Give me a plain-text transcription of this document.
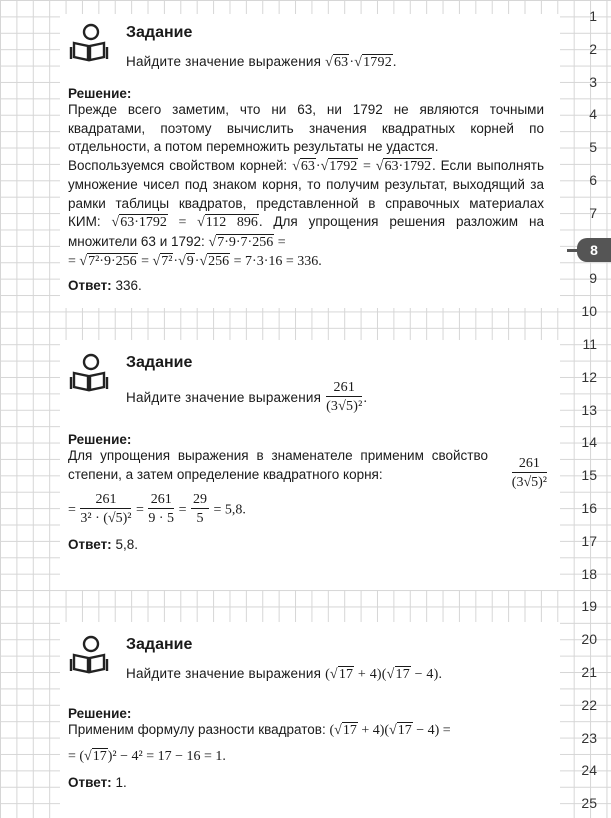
Задание
Найдите значение выражения √63·√1792.
Решение:
Прежде всего заметим, что ни 63, ни 1792 не являются точными квадратами, поэтому вычислить значения квадратных корней по отдельности, а потом перемножить результаты не удастся.
Воспользуемся свойством корней: √63·√1792 = √63·1792. Если выполнять умножение чисел под знаком корня, то получим результат, выходящий за рамки таблицы квадратов, представленной в справочных материалах КИМ: √63·1792 = √112 896. Для упрощения решения разложим на множители 63 и 1792: √7·9·7·256 =
= √7²·9·256 = √7²·√9·√256 = 7·3·16 = 336.
Ответ: 336.
Задание
Найдите значение выражения $\frac{261}{\text{(3√5)²}}$ .
Решение:
Для упрощения выражения в знаменателе применим свойство степени, а затем определение квадратного корня:	$\frac{261}{\text{(3√5)²}}$
= $\frac{261}{\text{3² · (√5)²}} = \frac{261}{9 \cdot 5} = \frac{29}{5} = 5,8$.
Ответ: 5,8.
Задание
Найдите значение выражения (√17 + 4)(√17 − 4).
Решение:
Применим формулу разности квадратов: (√17 + 4)(√17 − 4) =
= (√17)² − 4² = 17 − 16 = 1.
Ответ: 1.
8
1
2
3
4
5
6
7
9
10
11
12
13
14
15
16
17
18
19
20
21
22
23
24
25
